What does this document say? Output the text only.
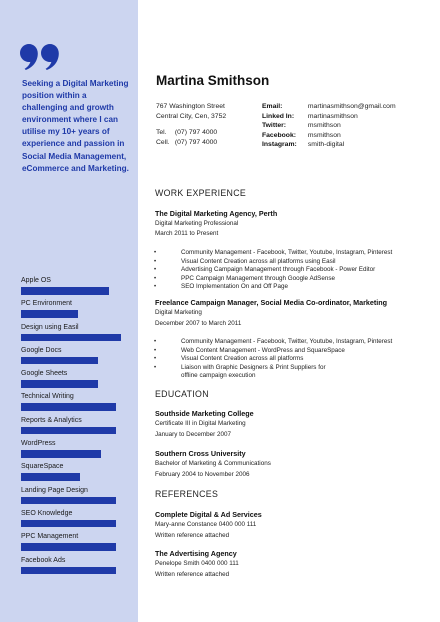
Seeking a Digital Marketing position within a challenging and growth environment where I can utilise my 10+ years of experience and passion in Social Media Management, eCommerce and Marketing.
Apple OS
PC Environment
Design using Easil
Google Docs
Google Sheets
Technical Writing
Reports & Analytics
WordPress
SquareSpace
Landing Page Design
SEO Knowledge
PPC Management
Facebook Ads
Martina Smithson
767 Washington Street
Central City, Cen, 3752
Tel. (07) 797 4000
Cell. (07) 797 4000
Email:	martinasmithson@gmail.com
Linked In: martinasmithson
Twitter:	msmithson
Facebook: msmithson
Instagram: smith-digital
WORK EXPERIENCE
The Digital Marketing Agency, Perth
Digital Marketing Professional
March 2011 to Present
• Community Management - Facebook, Twitter, Youtube, Instagram, Pinterest
• Visual Content Creation across all platforms using Easil
• Advertising Campaign Management through Facebook - Power Editor
• PPC Campaign Management through Google AdSense
• SEO Implementation On and Off Page
Freelance Campaign Manager, Social Media Co-ordinator, Marketing
Digital Marketing
December 2007 to March 2011
• Community Management - Facebook, Twitter, Youtube, Instagram, Pinterest
• Web Content Management - WordPress and SquareSpace
• Visual Content Creation across all platforms
• Liaison with Graphic Designers & Print Suppliers for
offline campaign execution
EDUCATION
Southside Marketing College
Certificate III in Digital Marketing
January to December 2007
Southern Cross University
Bachelor of Marketing & Communications
February 2004 to November 2006
REFERENCES
Complete Digital & Ad Services
Mary-anne Constance 0400 000 111
Written reference attached
The Advertising Agency
Penelope Smith 0400 000 111
Written reference attached
